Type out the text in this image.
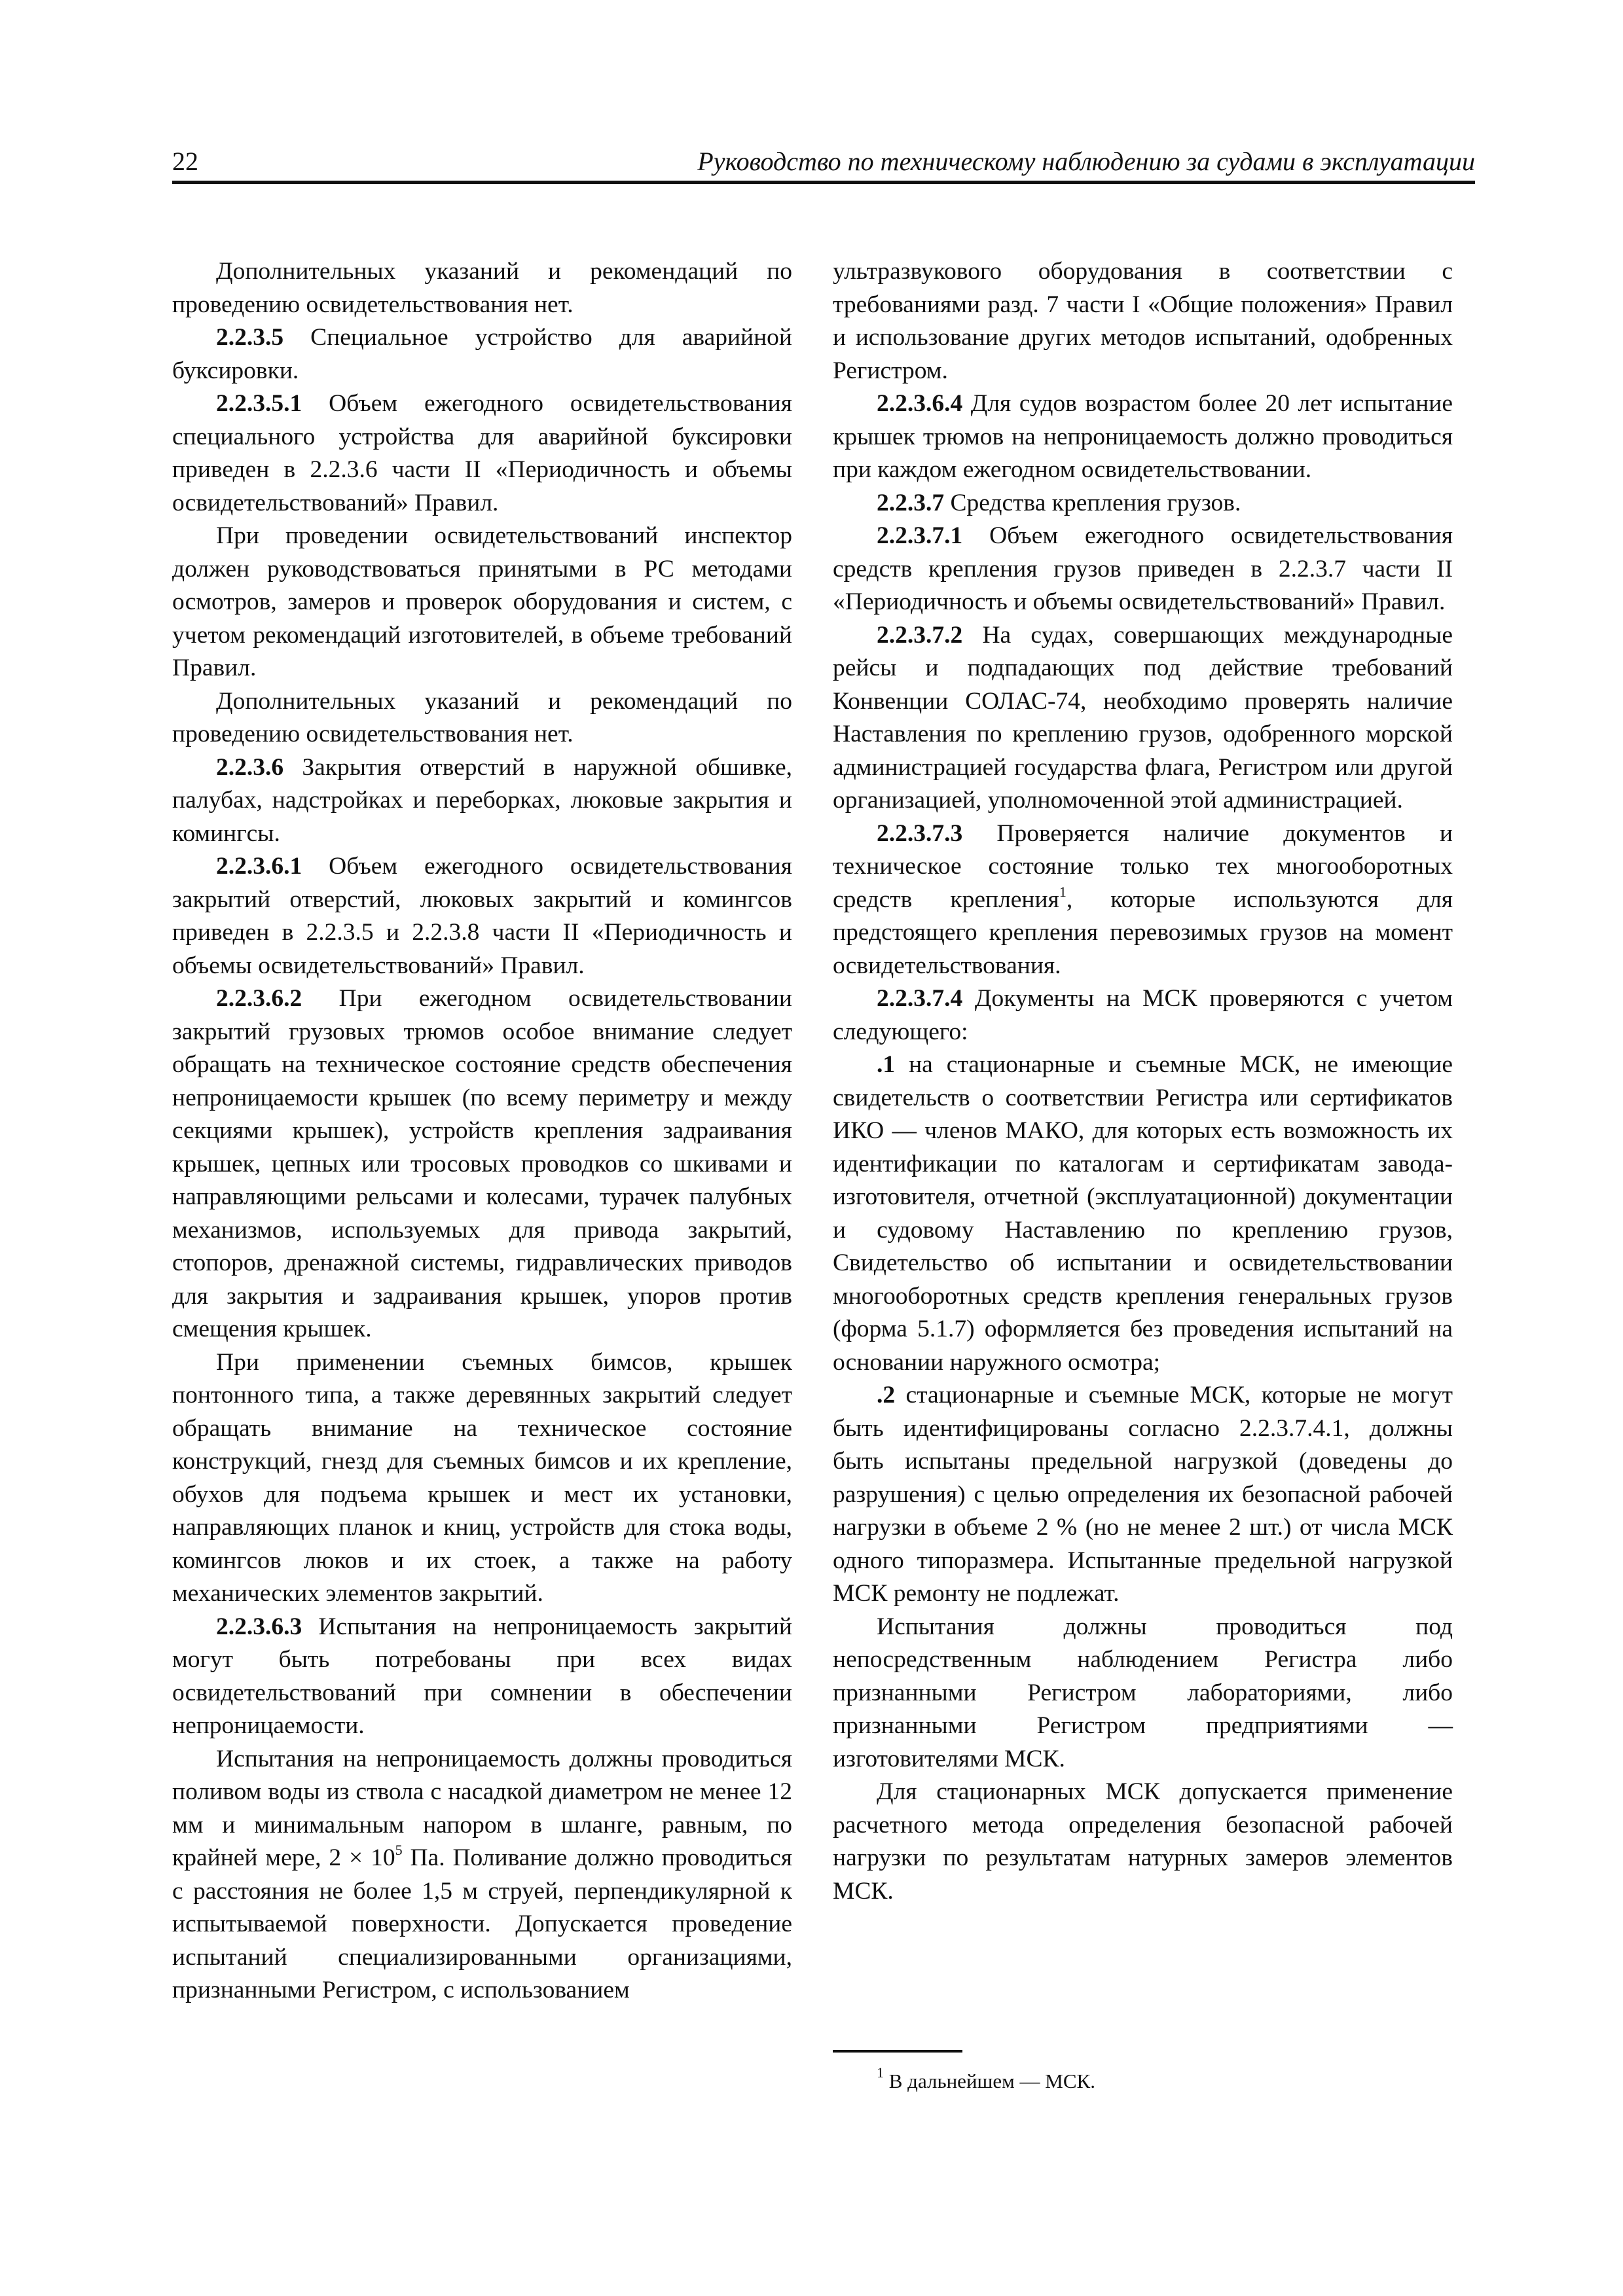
22	Руководство по техническому наблюдению за судами в эксплуатации

Дополнительных указаний и рекомендаций по проведению освидетельствования нет.

2.2.3.5 Специальное устройство для аварийной буксировки.

2.2.3.5.1 Объем ежегодного освидетельствования специального устройства для аварийной буксировки приведен в 2.2.3.6 части II «Периодичность и объемы освидетельствований» Правил.

При проведении освидетельствований инспектор должен руководствоваться принятыми в РС методами осмотров, замеров и проверок оборудования и систем, с учетом рекомендаций изготовителей, в объеме требований Правил.

Дополнительных указаний и рекомендаций по проведению освидетельствования нет.

2.2.3.6 Закрытия отверстий в наружной обшивке, палубах, надстройках и переборках, люковые закрытия и комингсы.

2.2.3.6.1 Объем ежегодного освидетельствования закрытий отверстий, люковых закрытий и комингсов приведен в 2.2.3.5 и 2.2.3.8 части II «Периодичность и объемы освидетельствований» Правил.

2.2.3.6.2 При ежегодном освидетельствовании закрытий грузовых трюмов особое внимание следует обращать на техническое состояние средств обеспечения непроницаемости крышек (по всему периметру и между секциями крышек), устройств крепления задраивания крышек, цепных или тросовых проводков со шкивами и направляющими рельсами и колесами, турачек палубных механизмов, используемых для привода закрытий, стопоров, дренажной системы, гидравлических приводов для закрытия и задраивания крышек, упоров против смещения крышек.

При применении съемных бимсов, крышек понтонного типа, а также деревянных закрытий следует обращать внимание на техническое состояние конструкций, гнезд для съемных бимсов и их крепление, обухов для подъема крышек и мест их установки, направляющих планок и книц, устройств для стока воды, комингсов люков и их стоек, а также на работу механических элементов закрытий.

2.2.3.6.3 Испытания на непроницаемость закрытий могут быть потребованы при всех видах освидетельствований при сомнении в обеспечении непроницаемости.

Испытания на непроницаемость должны проводиться поливом воды из ствола с насадкой диаметром не менее 12 мм и минимальным напором в шланге, равным, по крайней мере, $2 \times 10^5$ Па. Поливание должно проводиться с расстояния не более 1,5 м струей, перпендикулярной к испытываемой поверхности. Допускается проведение испытаний специализированными организациями, признанными Регистром, с использованием

ультразвукового оборудования в соответствии с требованиями разд. 7 части I «Общие положения» Правил и использование других методов испытаний, одобренных Регистром.

2.2.3.6.4 Для судов возрастом более 20 лет испытание крышек трюмов на непроницаемость должно проводиться при каждом ежегодном освидетельствовании.

2.2.3.7 Средства крепления грузов.

2.2.3.7.1 Объем ежегодного освидетельствования средств крепления грузов приведен в 2.2.3.7 части II «Периодичность и объемы освидетельствований» Правил.

2.2.3.7.2 На судах, совершающих международные рейсы и подпадающих под действие требований Конвенции СОЛАС-74, необходимо проверять наличие Наставления по креплению грузов, одобренного морской администрацией государства флага, Регистром или другой организацией, уполномоченной этой администрацией.

2.2.3.7.3 Проверяется наличие документов и техническое состояние только тех многооборотных средств крепления$^1$, которые используются для предстоящего крепления перевозимых грузов на момент освидетельствования.

2.2.3.7.4 Документы на МСК проверяются с учетом следующего:

.1 на стационарные и съемные МСК, не имеющие свидетельств о соответствии Регистра или сертификатов ИКО — членов МАКО, для которых есть возможность их идентификации по каталогам и сертификатам завода-изготовителя, отчетной (эксплуатационной) документации и судовому Наставлению по креплению грузов, Свидетельство об испытании и освидетельствовании многооборотных средств крепления генеральных грузов (форма 5.1.7) оформляется без проведения испытаний на основании наружного осмотра;

.2 стационарные и съемные МСК, которые не могут быть идентифицированы согласно 2.2.3.7.4.1, должны быть испытаны предельной нагрузкой (доведены до разрушения) с целью определения их безопасной рабочей нагрузки в объеме 2 % (но не менее 2 шт.) от числа МСК одного типоразмера. Испытанные предельной нагрузкой МСК ремонту не подлежат.

Испытания должны проводиться под непосредственным наблюдением Регистра либо признанными Регистром лабораториями, либо признанными Регистром предприятиями — изготовителями МСК.

Для стационарных МСК допускается применение расчетного метода определения безопасной рабочей нагрузки по результатам натурных замеров элементов МСК.

$^1$ В дальнейшем — МСК.
